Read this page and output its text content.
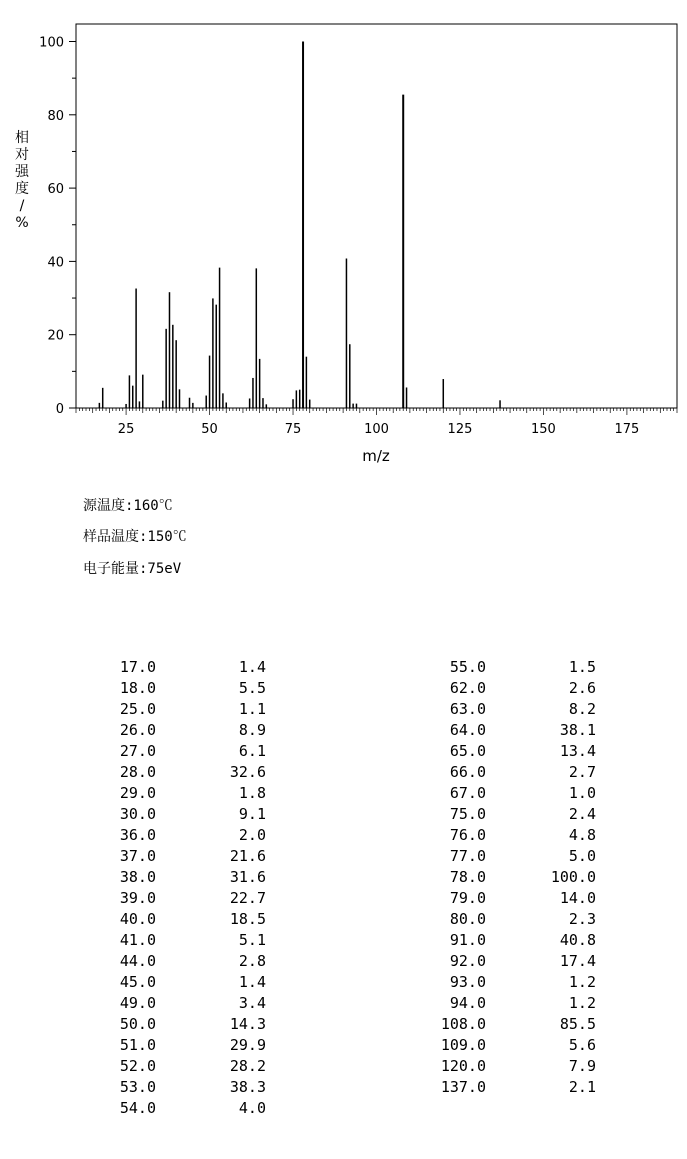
0
20
40
60
80
100
25	50	75	100	125	150	175
m/z
相对强度/%
源温度:160℃
样品温度:150℃
电子能量:75eV
17.0	1.4
18.0	5.5
25.0	1.1
26.0	8.9
27.0	6.1
28.0	32.6
29.0	1.8
30.0	9.1
36.0	2.0
37.0	21.6
38.0	31.6
39.0	22.7
40.0	18.5
41.0	5.1
44.0	2.8
45.0	1.4
49.0	3.4
50.0	14.3
51.0	29.9
52.0	28.2
53.0	38.3
54.0	4.0
55.0	1.5
62.0	2.6
63.0	8.2
64.0	38.1
65.0	13.4
66.0	2.7
67.0	1.0
75.0	2.4
76.0	4.8
77.0	5.0
78.0	100.0
79.0	14.0
80.0	2.3
91.0	40.8
92.0	17.4
93.0	1.2
94.0	1.2
108.0	85.5
109.0	5.6
120.0	7.9
137.0	2.1
